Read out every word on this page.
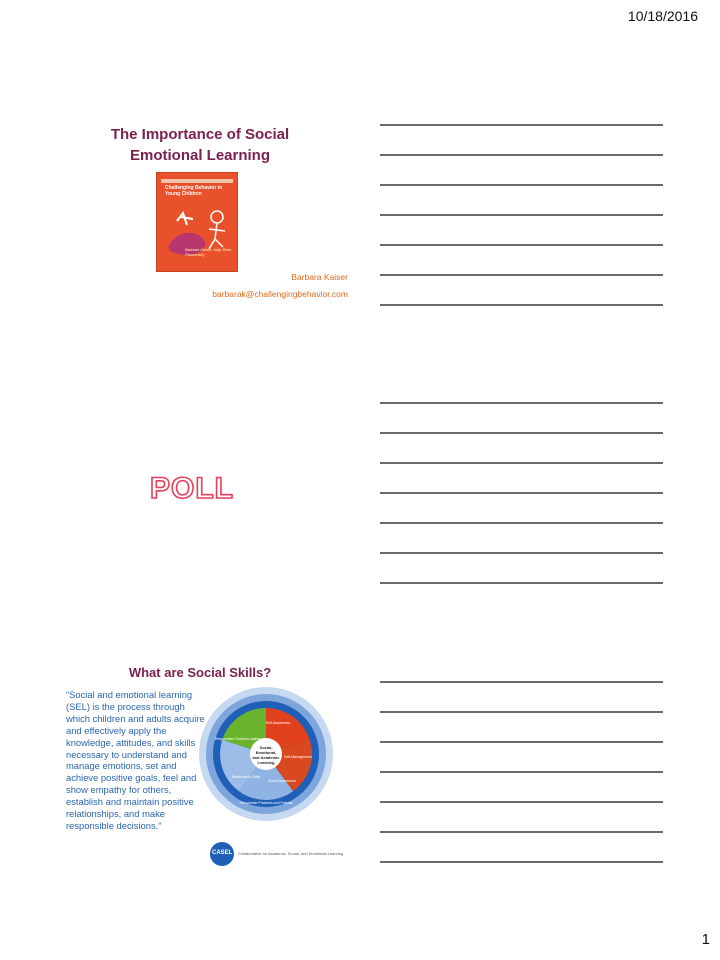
10/18/2016
The Importance of Social
Emotional Learning
Challenging Behavior in Young Children
Barbara Kaiser Judy Sklar Rasminsky
Barbara Kaiser
barbarak@challengingbehavior.com
POLL
What are Social Skills?
“Social and emotional learning
(SEL) is the process through
which children and adults acquire
and effectively apply the
knowledge, attitudes, and skills
necessary to understand and
manage emotions, set and
achieve positive goals, feel and
show empathy for others,
establish and maintain positive
relationships, and make
responsible decisions.”
Social,
Emotional,
and Academic
Learning
Self-Awareness
Self-Management
Social Awareness
Relationship Skills
Responsible Decision-making
Schoolwide Practices and Policies
CASEL Collaborative for Academic, Social, and Emotional Learning
1
